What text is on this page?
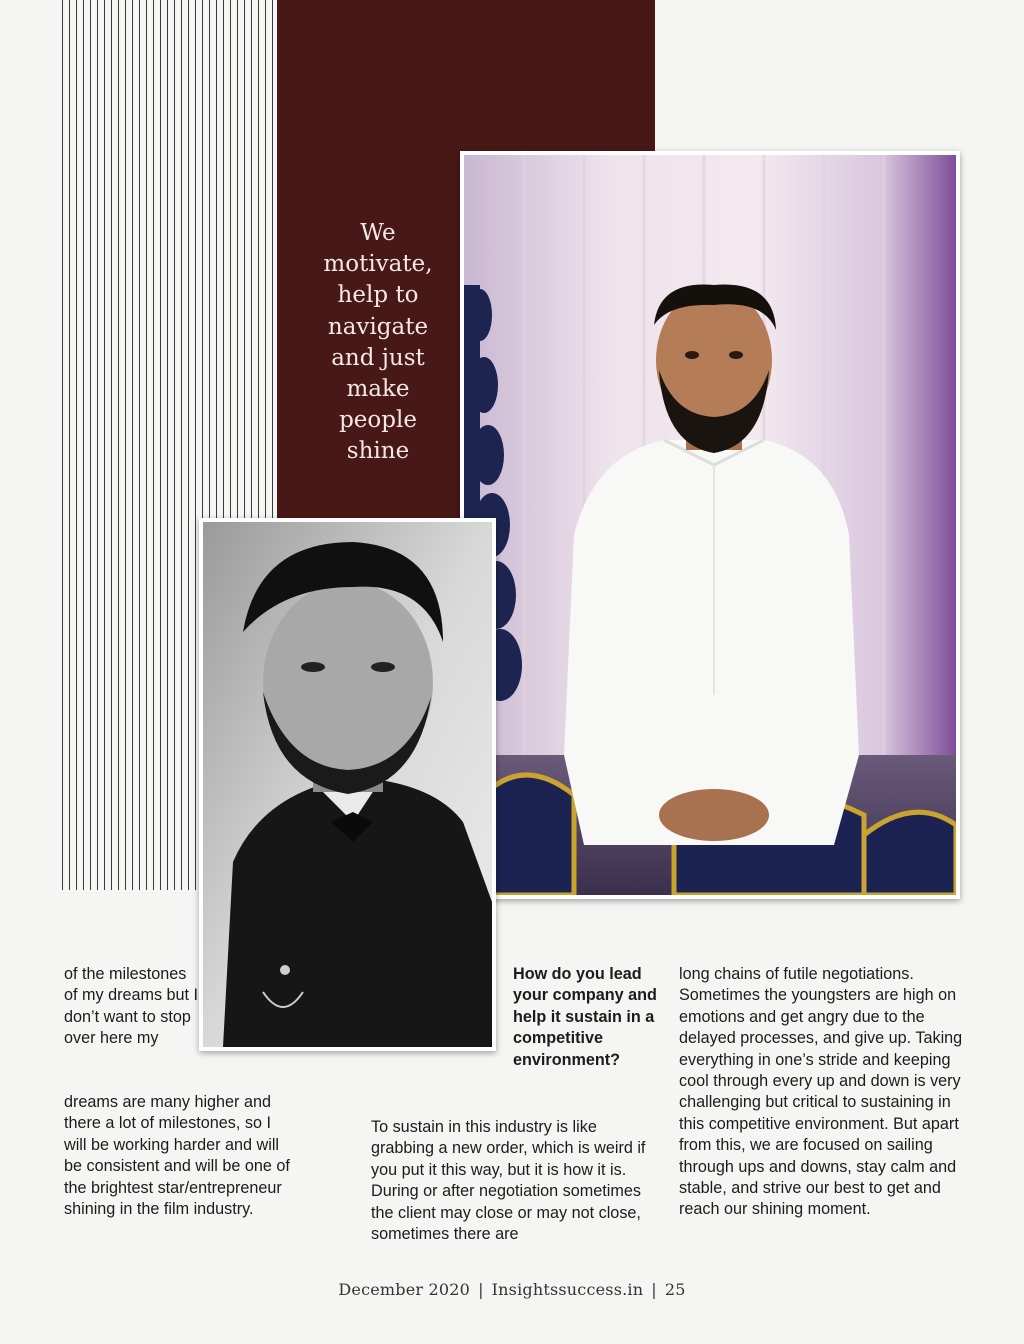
We motivate, help to navigate and just make people shine

of the milestones of my dreams but I don’t want to stop over here my

dreams are many higher and there a lot of milestones, so I will be working harder and will be consistent and will be one of the brightest star/entrepreneur shining in the film industry.

How do you lead your company and help it sustain in a competitive environment?

To sustain in this industry is like grabbing a new order, which is weird if you put it this way, but it is how it is. During or after negotiation sometimes the client may close or may not close, sometimes there are

long chains of futile negotiations. Sometimes the youngsters are high on emotions and get angry due to the delayed processes, and give up. Taking everything in one’s stride and keeping cool through every up and down is very challenging but critical to sustaining in this competitive environment. But apart from this, we are focused on sailing through ups and downs, stay calm and stable, and strive our best to get and reach our shining moment.

December 2020 | Insightssuccess.in | 25
